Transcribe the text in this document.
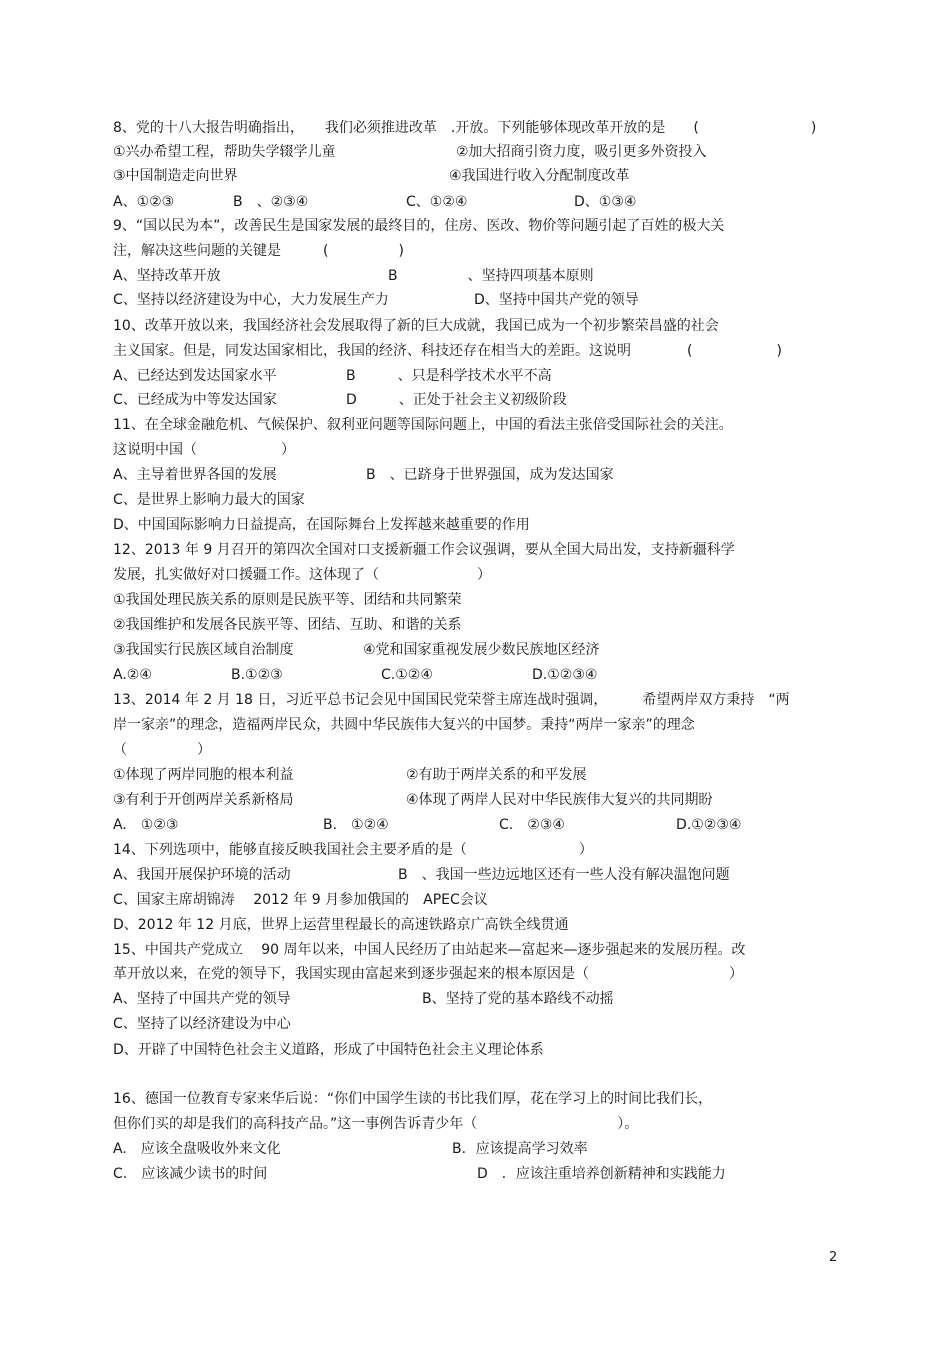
8、党的十八大报告明确指出，　　我们必须推进改革　.开放。下列能够体现改革开放的是　　(　　　　　　　　)
①兴办希望工程，帮助失学辍学儿童	②加大招商引资力度，吸引更多外资投入
③中国制造走向世界	④我国进行收入分配制度改革
A、①②③	B　、②③④	C、①②④	D、①③④
9、“国以民为本”，改善民生是国家发展的最终目的，住房、医改、物价等问题引起了百姓的极大关
注，解决这些问题的关键是　　　(　　　　　)
A、坚持改革开放	B　　　　　、坚持四项基本原则
C、坚持以经济建设为中心，大力发展生产力	D、坚持中国共产党的领导
10、改革开放以来，我国经济社会发展取得了新的巨大成就，我国已成为一个初步繁荣昌盛的社会
主义国家。但是，同发达国家相比，我国的经济、科技还存在相当大的差距。这说明　　　　(　　　　　　)
A、已经达到发达国家水平	B　　　、只是科学技术水平不高
C、已经成为中等发达国家	D　　　、正处于社会主义初级阶段
11、在全球金融危机、气候保护、叙利亚问题等国际问题上，中国的看法主张倍受国际社会的关注。
这说明中国（　　　　　　）
A、主导着世界各国的发展	B　、已跻身于世界强国，成为发达国家
C、是世界上影响力最大的国家
D、中国国际影响力日益提高，在国际舞台上发挥越来越重要的作用
12、2013 年 9 月召开的第四次全国对口支援新疆工作会议强调，要从全国大局出发，支持新疆科学
发展，扎实做好对口援疆工作。这体现了（　　　　　　　）
①我国处理民族关系的原则是民族平等、团结和共同繁荣
②我国维护和发展各民族平等、团结、互助、和谐的关系
③我国实行民族区域自治制度	④党和国家重视发展少数民族地区经济
A.②④	B.①②③	C.①②④	D.①②③④
13、2014 年 2 月 18 日，习近平总书记会见中国国民党荣誉主席连战时强调，　　　希望两岸双方秉持　“两
岸一家亲”的理念，造福两岸民众，共圆中华民族伟大复兴的中国梦。秉持“两岸一家亲”的理念
（　　　　　）
①体现了两岸同胞的根本利益	②有助于两岸关系的和平发展
③有利于开创两岸关系新格局	④体现了两岸人民对中华民族伟大复兴的共同期盼
A.　①②③	B.　①②④	C.　②③④	D.①②③④
14、下列选项中，能够直接反映我国社会主要矛盾的是（　　　　　　　　）
A、我国开展保护环境的活动	B　、我国一些边远地区还有一些人没有解决温饱问题
C、国家主席胡锦涛　 2012 年 9 月参加俄国的　APEC会议
D、2012 年 12 月底，世界上运营里程最长的高速铁路京广高铁全线贯通
15、中国共产党成立　 90 周年以来，中国人民经历了由站起来—富起来—逐步强起来的发展历程。改
革开放以来，在党的领导下，我国实现由富起来到逐步强起来的根本原因是（　　　　　　　　　　）
A、坚持了中国共产党的领导	B、坚持了党的基本路线不动摇
C、坚持了以经济建设为中心
D、开辟了中国特色社会主义道路，形成了中国特色社会主义理论体系
16、德国一位教育专家来华后说：“你们中国学生读的书比我们厚，花在学习上的时间比我们长，
但你们买的却是我们的高科技产品。”这一事例告诉青少年（　　　　　　　　　　）。
A.　应该全盘吸收外来文化	B．应该提高学习效率
C.　应该减少读书的时间	D　．应该注重培养创新精神和实践能力
2
